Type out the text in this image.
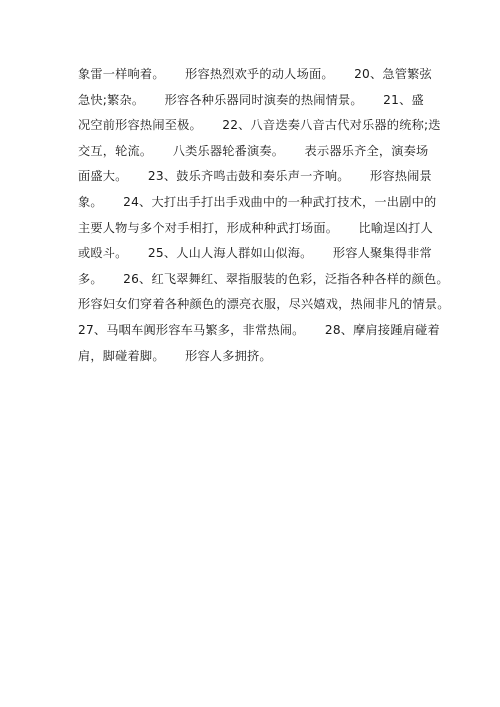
象雷一样响着。     形容热烈欢乎的动人场面。     20、急管繁弦
急快;繁杂。     形容各种乐器同时演奏的热闹情景。     21、盛
况空前形容热闹至极。     22、八音迭奏八音古代对乐器的统称;迭
交互，轮流。     八类乐器轮番演奏。     表示器乐齐全，演奏场
面盛大。     23、鼓乐齐鸣击鼓和奏乐声一齐响。     形容热闹景
象。     24、大打出手打出手戏曲中的一种武打技术，一出剧中的
主要人物与多个对手相打，形成种种武打场面。     比喻逞凶打人
或殴斗。     25、人山人海人群如山似海。     形容人聚集得非常
多。     26、红飞翠舞红、翠指服装的色彩，泛指各种各样的颜色。
形容妇女们穿着各种颜色的漂亮衣服，尽兴嬉戏，热闹非凡的情景。
27、马咽车阗形容车马繁多，非常热闹。     28、摩肩接踵肩碰着
肩，脚碰着脚。     形容人多拥挤。
